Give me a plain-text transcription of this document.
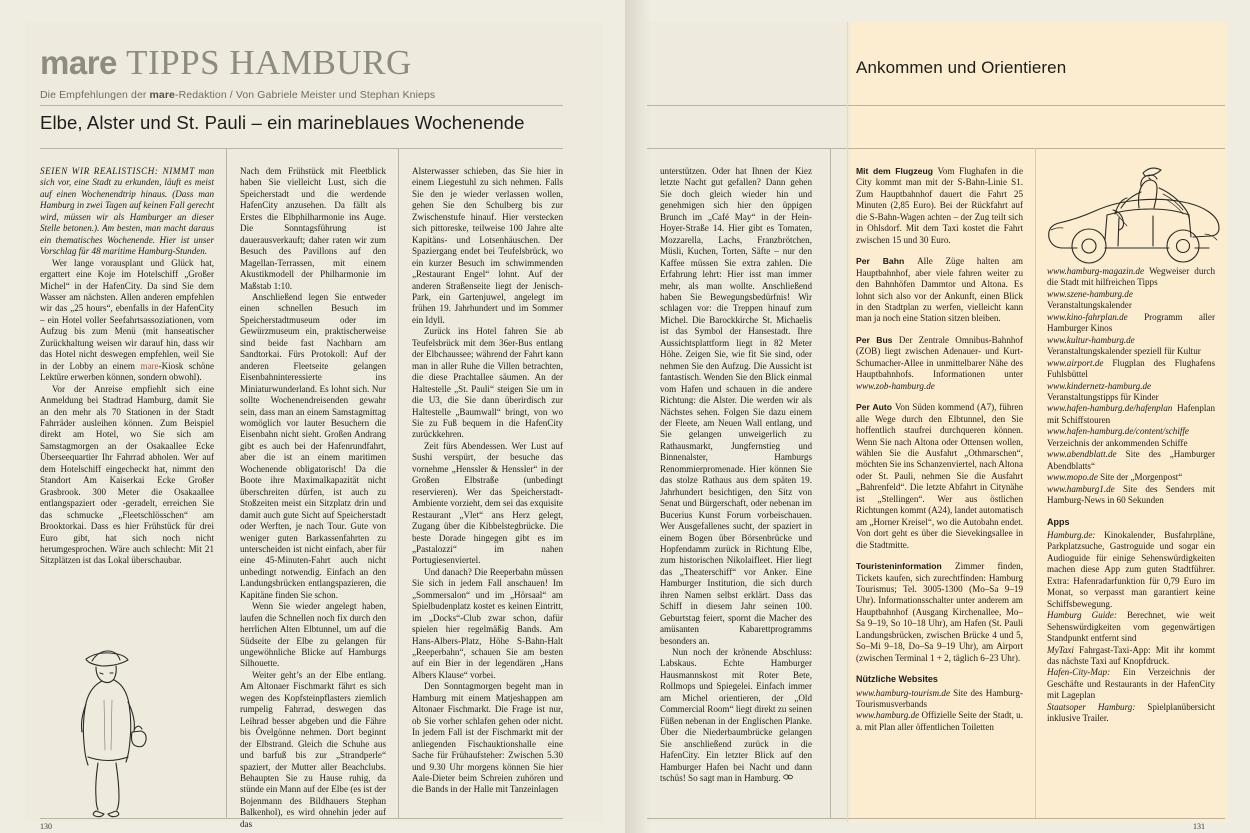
mare TIPPS HAMBURG
Die Empfehlungen der mare-Redaktion / Von Gabriele Meister und Stephan Knieps
Elbe, Alster und St. Pauli – ein marineblaues Wochenende

SEIEN WIR REALISTISCH: NIMMT man sich vor, eine Stadt zu erkunden, läuft es meist auf einen Wochenendtrip hinaus. (Dass man Hamburg in zwei Tagen auf keinen Fall gerecht wird, müssen wir als Hamburger an dieser Stelle betonen.). Am besten, man macht daraus ein thematisches Wochenende. Hier ist unser Vorschlag für 48 maritime Hamburg-Stunden.

Wer lange vorausplant und Glück hat, ergattert eine Koje im Hotelschiff „Großer Michel“ in der HafenCity. Da sind Sie dem Wasser am nächsten. Allen anderen empfehlen wir das „25 hours“, ebenfalls in der HafenCity – ein Hotel voller Seefahrtsassoziationen, vom Aufzug bis zum Menü (mit hanseatischer Zurückhaltung weisen wir darauf hin, dass wir das Hotel nicht deswegen empfehlen, weil Sie in der Lobby an einem mare-Kiosk schöne Lektüre erwerben können, sondern obwohl).

Vor der Anreise empfiehlt sich eine Anmeldung bei Stadtrad Hamburg, damit Sie an den mehr als 70 Stationen in der Stadt Fahrräder ausleihen können. Zum Beispiel direkt am Hotel, wo Sie sich am Samstagmorgen an der Osakaallee Ecke Überseequartier Ihr Fahrrad abholen. Wer auf dem Hotelschiff eingecheckt hat, nimmt den Standort Am Kaiserkai Ecke Großer Grasbrook. 300 Meter die Osakaallee entlangspaziert oder -geradelt, erreichen Sie das schmucke „Fleetschlösschen“ am Brooktorkai. Dass es hier Frühstück für drei Euro gibt, hat sich noch nicht herumgesprochen. Wäre auch schlecht: Mit 21 Sitzplätzen ist das Lokal überschaubar.

Nach dem Frühstück mit Fleetblick haben Sie vielleicht Lust, sich die Speicherstadt und die werdende HafenCity anzusehen. Da fällt als Erstes die Elbphilharmonie ins Auge. Die Sonntagsführung ist dauerausverkauft; daher raten wir zum Besuch des Pavillons auf den Magellan-Terrassen, mit einem Akustikmodell der Philharmonie im Maßstab 1:10.

Anschließend legen Sie entweder einen schnellen Besuch im Speicherstadtmuseum oder im Gewürzmuseum ein, praktischerweise sind beide fast Nachbarn am Sandtorkai. Fürs Protokoll: Auf der anderen Fleetseite gelangen Eisenbahninteressierte ins Miniaturwunderland. Es lohnt sich. Nur sollte Wochenendreisenden gewahr sein, dass man an einem Samstagmittag womöglich vor lauter Besuchern die Eisenbahn nicht sieht. Großen Andrang gibt es auch bei der Hafenrundfahrt, aber die ist an einem maritimen Wochenende obligatorisch! Da die Boote ihre Maximalkapazität nicht überschreiten dürfen, ist auch zu Stoßzeiten meist ein Sitzplatz drin und damit auch gute Sicht auf Speicherstadt oder Werften, je nach Tour. Gute von weniger guten Barkassenfahrten zu unterscheiden ist nicht einfach, aber für eine 45-Minuten-Fahrt auch nicht unbedingt notwendig. Einfach an den Landungsbrücken entlangspazieren, die Kapitäne finden Sie schon.

Wenn Sie wieder angelegt haben, laufen die Schnellen noch fix durch den herrlichen Alten Elbtunnel, um auf die Südseite der Elbe zu gelangen für ungewöhnliche Blicke auf Hamburgs Silhouette.

Weiter geht’s an der Elbe entlang. Am Altonaer Fischmarkt fährt es sich wegen des Kopfsteinpflasters ziemlich rumpelig Fahrrad, deswegen das Leihrad besser abgeben und die Fähre bis Övelgönne nehmen. Dort beginnt der Elbstrand. Gleich die Schuhe aus und barfuß bis zur „Strandperle“ spaziert, der Mutter aller Beachclubs. Behaupten Sie zu Hause ruhig, da stünde ein Mann auf der Elbe (es ist der Bojenmann des Bildhauers Stephan Balkenhol), es wird ohnehin jeder auf das

Alsterwasser schieben, das Sie hier in einem Liegestuhl zu sich nehmen. Falls Sie den je wieder verlassen wollen, gehen Sie den Schulberg bis zur Zwischenstufe hinauf. Hier verstecken sich pittoreske, teilweise 100 Jahre alte Kapitäns- und Lotsenhäuschen. Der Spaziergang endet bei Teufelsbrück, wo ein kurzer Besuch im schwimmenden „Restaurant Engel“ lohnt. Auf der anderen Straßenseite liegt der Jenisch-Park, ein Gartenjuwel, angelegt im frühen 19. Jahrhundert und im Sommer ein Idyll.

Zurück ins Hotel fahren Sie ab Teufelsbrück mit dem 36er-Bus entlang der Elbchaussee; während der Fahrt kann man in aller Ruhe die Villen betrachten, die diese Prachtallee säumen. An der Haltestelle „St. Pauli“ steigen Sie um in die U3, die Sie dann überirdisch zur Haltestelle „Baumwall“ bringt, von wo Sie zu Fuß bequem in die HafenCity zurückkehren.

Zeit fürs Abendessen. Wer Lust auf Sushi verspürt, der besuche das vornehme „Henssler & Henssler“ in der Großen Elbstraße (unbedingt reservieren). Wer das Speicherstadt-Ambiente vorzieht, dem sei das exquisite Restaurant „Vlet“ ans Herz gelegt, Zugang über die Kibbelstegbrücke. Die beste Dorade hingegen gibt es im „Pastalozzi“ im nahen Portugiesenviertel.

Und danach? Die Reeperbahn müssen Sie sich in jedem Fall anschauen! Im „Sommersalon“ und im „Hörsaal“ am Spielbudenplatz kostet es keinen Eintritt, im „Docks“-Club zwar schon, dafür spielen hier regelmäßig Bands. Am Hans-Albers-Platz, Höhe S-Bahn-Halt „Reeperbahn“, schauen Sie am besten auf ein Bier in der legendären „Hans Albers Klause“ vorbei.

Den Sonntagmorgen begeht man in Hamburg mit einem Matjeshappen am Altonaer Fischmarkt. Die Frage ist nur, ob Sie vorher schlafen gehen oder nicht. In jedem Fall ist der Fischmarkt mit der anliegenden Fischauktionshalle eine Sache für Frühaufsteher: Zwischen 5.30 und 9.30 Uhr morgens können Sie hier Aale-Dieter beim Schreien zuhören und die Bands in der Halle mit Tanzeinlagen

130
Ankommen und Orientieren

unterstützen. Oder hat Ihnen der Kiez letzte Nacht gut gefallen? Dann gehen Sie doch gleich wieder hin und genehmigen sich hier den üppigen Brunch im „Café May“ in der Hein-Hoyer-Straße 14. Hier gibt es Tomaten, Mozzarella, Lachs, Franzbrötchen, Müsli, Kuchen, Torten, Säfte – nur den Kaffee müssen Sie extra zahlen. Die Erfahrung lehrt: Hier isst man immer mehr, als man wollte. Anschließend haben Sie Bewegungsbedürfnis! Wir schlagen vor: die Treppen hinauf zum Michel. Die Barockkirche St. Michaelis ist das Symbol der Hansestadt. Ihre Aussichtsplattform liegt in 82 Meter Höhe. Zeigen Sie, wie fit Sie sind, oder nehmen Sie den Aufzug. Die Aussicht ist fantastisch. Wenden Sie den Blick einmal vom Hafen und schauen in die andere Richtung: die Alster. Die werden wir als Nächstes sehen. Folgen Sie dazu einem der Fleete, am Neuen Wall entlang, und Sie gelangen unweigerlich zu Rathausmarkt, Jungfernstieg und Binnenalster, Hamburgs Renommierpromenade. Hier können Sie das stolze Rathaus aus dem späten 19. Jahrhundert besichtigen, den Sitz von Senat und Bürgerschaft, oder nebenan im Bucerius Kunst Forum vorbeischauen. Wer Ausgefallenes sucht, der spaziert in einem Bogen über Börsenbrücke und Hopfendamm zurück in Richtung Elbe, zum historischen Nikolaifleet. Hier liegt das „Theaterschiff“ vor Anker. Eine Hamburger Institution, die sich durch ihren Namen selbst erklärt. Dass das Schiff in diesem Jahr seinen 100. Geburtstag feiert, spornt die Macher des amüsanten Kabarettprogramms besonders an.

Nun noch der krönende Abschluss: Labskaus. Echte Hamburger Hausmannskost mit Roter Bete, Rollmops und Spiegelei. Einfach immer am Michel orientieren, der „Old Commercial Room“ liegt direkt zu seinen Füßen nebenan in der Englischen Planke. Über die Niederbaumbrücke gelangen Sie anschließend zurück in die HafenCity. Ein letzter Blick auf den Hamburger Hafen bei Nacht und dann tschüs! So sagt man in Hamburg.

Mit dem Flugzeug Vom Flughafen in die City kommt man mit der S-Bahn-Linie S1. Zum Hauptbahnhof dauert die Fahrt 25 Minuten (2,85 Euro). Bei der Rückfahrt auf die S-Bahn-Wagen achten – der Zug teilt sich in Ohlsdorf. Mit dem Taxi kostet die Fahrt zwischen 15 und 30 Euro.

Per Bahn Alle Züge halten am Hauptbahnhof, aber viele fahren weiter zu den Bahnhöfen Dammtor und Altona. Es lohnt sich also vor der Ankunft, einen Blick in den Stadtplan zu werfen, vielleicht kann man ja noch eine Station sitzen bleiben.

Per Bus Der Zentrale Omnibus-Bahnhof (ZOB) liegt zwischen Adenauer- und Kurt-Schumacher-Allee in unmittelbarer Nähe des Hauptbahnhofs. Informationen unter www.zob-hamburg.de

Per Auto Von Süden kommend (A7), führen alle Wege durch den Elbtunnel, den Sie hoffentlich staufrei durchqueren können. Wenn Sie nach Altona oder Ottensen wollen, wählen Sie die Ausfahrt „Othmarschen“, möchten Sie ins Schanzenviertel, nach Altona oder St. Pauli, nehmen Sie die Ausfahrt „Bahrenfeld“. Die letzte Abfahrt in Citynähe ist „Stellingen“. Wer aus östlichen Richtungen kommt (A24), landet automatisch am „Horner Kreisel“, wo die Autobahn endet. Von dort geht es über die Sievekingsallee in die Stadtmitte.

Touristeninformation Zimmer finden, Tickets kaufen, sich zurechtfinden: Hamburg Tourismus; Tel. 3005-1300 (Mo–Sa 9–19 Uhr). Informationsschalter unter anderem am Hauptbahnhof (Ausgang Kirchenallee, Mo–Sa 9–19, So 10–18 Uhr), am Hafen (St. Pauli Landungsbrücken, zwischen Brücke 4 und 5, So–Mi 9–18, Do–Sa 9–19 Uhr), am Airport (zwischen Terminal 1 + 2, täglich 6–23 Uhr).

Nützliche Websites

www.hamburg-tourism.de Site des Hamburg-Tourismusverbands

www.hamburg.de Offizielle Seite der Stadt, u. a. mit Plan aller öffentlichen Toiletten

www.hamburg-magazin.de Wegweiser durch die Stadt mit hilfreichen Tipps

www.szene-hamburg.de Veranstaltungskalender

www.kino-fahrplan.de Programm aller Hamburger Kinos

www.kultur-hamburg.de Veranstaltungskalender speziell für Kultur

www.airport.de Flugplan des Flughafens Fuhlsbüttel

www.kindernetz-hamburg.de Veranstaltungstipps für Kinder

www.hafen-hamburg.de/hafenplan Hafenplan mit Schiffstouren

www.hafen-hamburg.de/content/schiffe Verzeichnis der ankommenden Schiffe

www.abendblatt.de Site des „Hamburger Abendblatts“

www.mopo.de Site der „Morgenpost“

www.hamburg1.de Site des Senders mit Hamburg-News in 60 Sekunden

Apps

Hamburg.de: Kinokalender, Busfahrpläne, Parkplatzsuche, Gastroguide und sogar ein Audioguide für einige Sehenswürdigkeiten machen diese App zum guten Stadtführer. Extra: Hafenradarfunktion für 0,79 Euro im Monat, so verpasst man garantiert keine Schiffsbewegung.

Hamburg Guide: Berechnet, wie weit Sehenswürdigkeiten vom gegenwärtigen Standpunkt entfernt sind

MyTaxi Fahrgast-Taxi-App: Mit ihr kommt das nächste Taxi auf Knopfdruck.

Hafen-City-Map: Ein Verzeichnis der Geschäfte und Restaurants in der HafenCity mit Lageplan

Staatsoper Hamburg: Spielplanübersicht inklusive Trailer.

131
